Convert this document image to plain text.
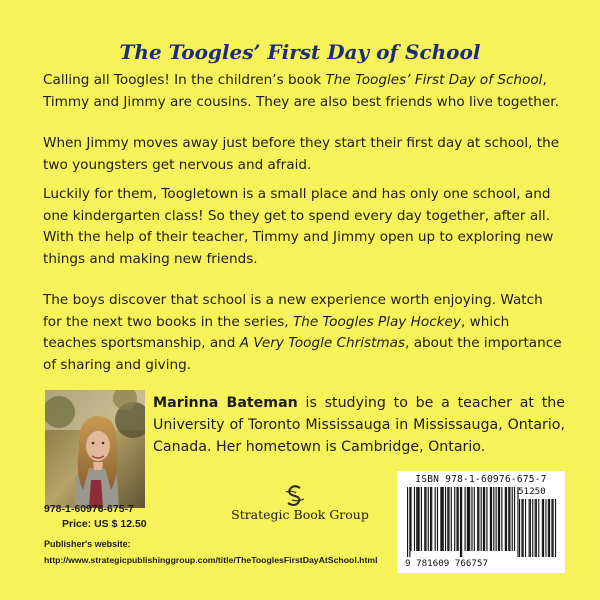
The Toogles’ First Day of School

Calling all Toogles! In the children’s book The Toogles’ First Day of School, Timmy and Jimmy are cousins. They are also best friends who live together.

When Jimmy moves away just before they start their first day at school, the two youngsters get nervous and afraid.

Luckily for them, Toogletown is a small place and has only one school, and one kindergarten class! So they get to spend every day together, after all. With the help of their teacher, Timmy and Jimmy open up to exploring new things and making new friends.

The boys discover that school is a new experience worth enjoying. Watch for the next two books in the series, The Toogles Play Hockey, which teaches sportsmanship, and A Very Toogle Christmas, about the importance of sharing and giving.

Marinna Bateman is studying to be a teacher at the University of Toronto Mississauga in Mississauga, Ontario, Canada. Her hometown is Cambridge, Ontario.

978-1-60976-675-7
Price: US $ 12.50
Publisher's website:
http://www.strategicpublishinggroup.com/title/TheTooglesFirstDayAtSchool.html
Strategic Book Group
ISBN 978-1-60976-675-7
51250
9 781609 766757
